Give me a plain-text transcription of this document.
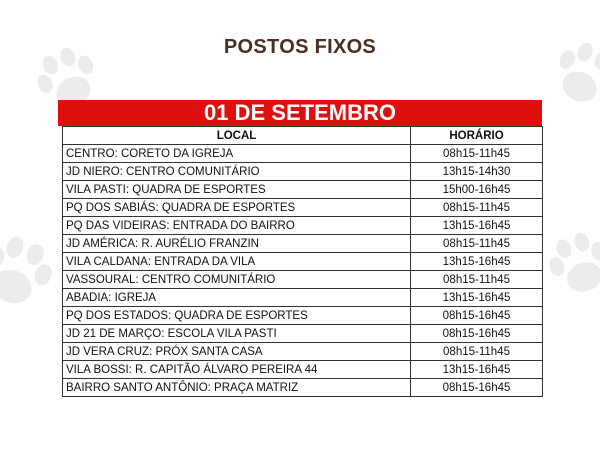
POSTOS FIXOS
01 DE SETEMBRO
LOCAL	HORÁRIO
CENTRO: CORETO DA IGREJA	08h15-11h45
JD NIERO: CENTRO COMUNITÁRIO	13h15-14h30
VILA PASTI: QUADRA DE ESPORTES	15h00-16h45
PQ DOS SABIÁS: QUADRA DE ESPORTES	08h15-11h45
PQ DAS VIDEIRAS: ENTRADA DO BAIRRO	13h15-16h45
JD AMÉRICA: R. AURÉLIO FRANZIN	08h15-11h45
VILA CALDANA: ENTRADA DA VILA	13h15-16h45
VASSOURAL: CENTRO COMUNITÁRIO	08h15-11h45
ABADIA: IGREJA	13h15-16h45
PQ DOS ESTADOS: QUADRA DE ESPORTES	08h15-16h45
JD 21 DE MARÇO: ESCOLA VILA PASTI	08h15-16h45
JD VERA CRUZ: PRÓX SANTA CASA	08h15-11h45
VILA BOSSI: R. CAPITÃO ÁLVARO PEREIRA 44	13h15-16h45
BAIRRO SANTO ANTÔNIO: PRAÇA MATRIZ	08h15-16h45
